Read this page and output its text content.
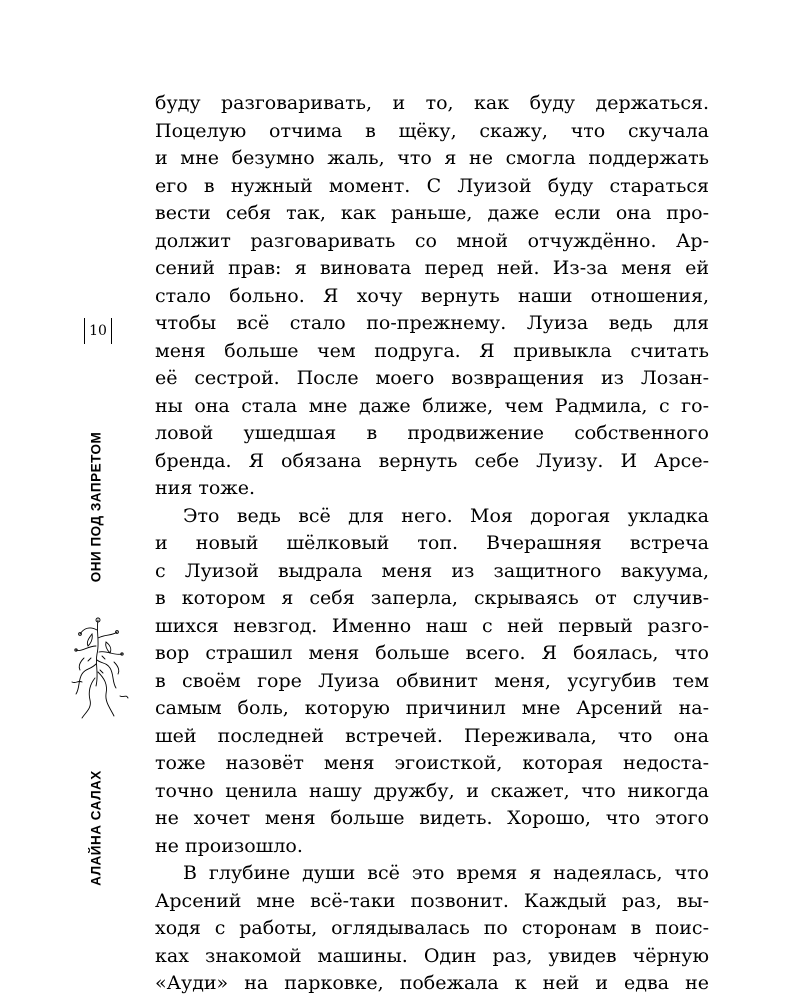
10
ОНИ ПОД ЗАПРЕТОМ
АЛАЙНА САЛАХ
буду разговаривать, и то, как буду держаться.
Поцелую отчима в щёку, скажу, что скучала
и мне безумно жаль, что я не смогла поддержать
его в нужный момент. С Луизой буду стараться
вести себя так, как раньше, даже если она про-
должит разговаривать со мной отчуждённо. Ар-
сений прав: я виновата перед ней. Из-за меня ей
стало больно. Я хочу вернуть наши отношения,
чтобы всё стало по-прежнему. Луиза ведь для
меня больше чем подруга. Я привыкла считать
её сестрой. После моего возвращения из Лозан-
ны она стала мне даже ближе, чем Радмила, с го-
ловой ушедшая в продвижение собственного
бренда. Я обязана вернуть себе Луизу. И Арсе-
ния тоже.
Это ведь всё для него. Моя дорогая укладка
и новый шёлковый топ. Вчерашняя встреча
с Луизой выдрала меня из защитного вакуума,
в котором я себя заперла, скрываясь от случив-
шихся невзгод. Именно наш с ней первый разго-
вор страшил меня больше всего. Я боялась, что
в своём горе Луиза обвинит меня, усугубив тем
самым боль, которую причинил мне Арсений на-
шей последней встречей. Переживала, что она
тоже назовёт меня эгоисткой, которая недоста-
точно ценила нашу дружбу, и скажет, что никогда
не хочет меня больше видеть. Хорошо, что этого
не произошло.
В глубине души всё это время я надеялась, что
Арсений мне всё-таки позвонит. Каждый раз, вы-
ходя с работы, оглядывалась по сторонам в поис-
ках знакомой машины. Один раз, увидев чёрную
«Ауди» на парковке, побежала к ней и едва не
